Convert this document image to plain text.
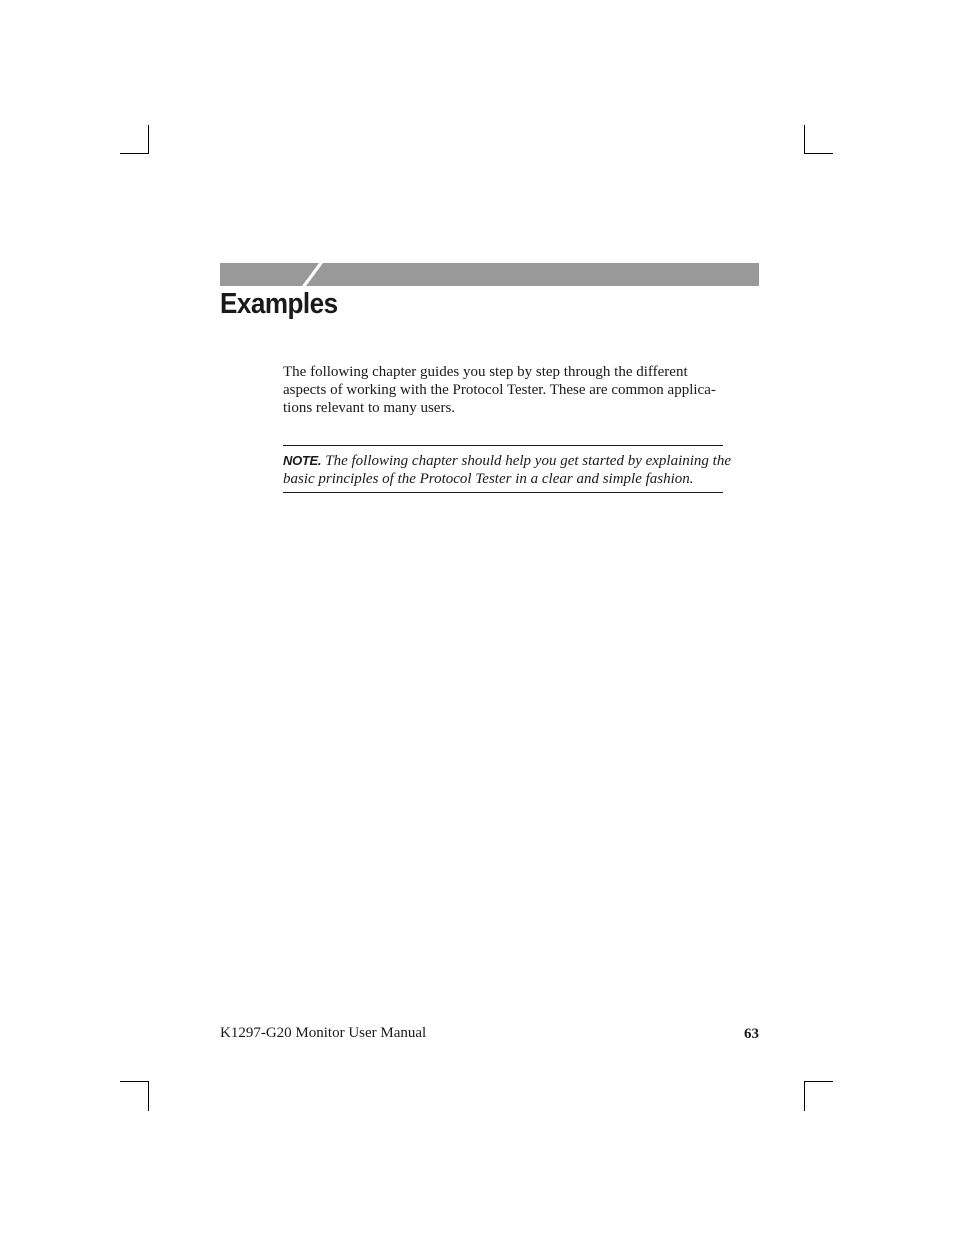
Examples

The following chapter guides you step by step through the different
aspects of working with the Protocol Tester. These are common applica-
tions relevant to many users.

NOTE. The following chapter should help you get started by explaining the
basic principles of the Protocol Tester in a clear and simple fashion.

K1297-G20 Monitor User Manual	63
